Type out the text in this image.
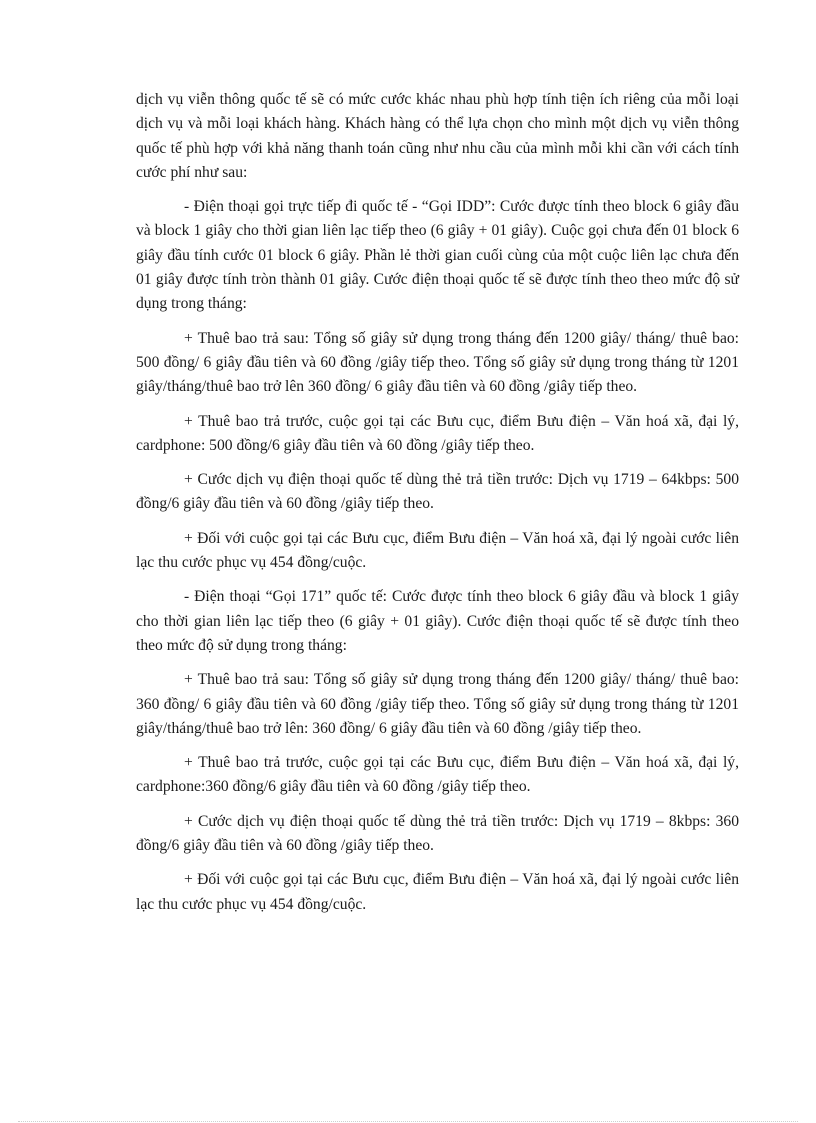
dịch vụ viễn thông quốc tế sẽ có mức cước khác nhau phù hợp tính tiện ích riêng của mỗi loại dịch vụ và mỗi loại khách hàng. Khách hàng có thể lựa chọn cho mình một dịch vụ viễn thông quốc tế phù hợp với khả năng thanh toán cũng như nhu cầu của mình mỗi khi cần với cách tính cước phí như sau:

- Điện thoại gọi trực tiếp đi quốc tế - “Gọi IDD”: Cước được tính theo block 6 giây đầu và block 1 giây cho thời gian liên lạc tiếp theo (6 giây + 01 giây). Cuộc gọi chưa đến 01 block 6 giây đầu tính cước 01 block 6 giây. Phần lẻ thời gian cuối cùng của một cuộc liên lạc chưa đến 01 giây được tính tròn thành 01 giây. Cước điện thoại quốc tế sẽ được tính theo theo mức độ sử dụng trong tháng:

+ Thuê bao trả sau: Tổng số giây sử dụng trong tháng đến 1200 giây/ tháng/ thuê bao: 500 đồng/ 6 giây đầu tiên và 60 đồng /giây tiếp theo. Tổng số giây sử dụng trong tháng từ 1201 giây/tháng/thuê bao trở lên 360 đồng/ 6 giây đầu tiên và 60 đồng /giây tiếp theo.

+ Thuê bao trả trước, cuộc gọi tại các Bưu cục, điểm Bưu điện – Văn hoá xã, đại lý, cardphone: 500 đồng/6 giây đầu tiên và 60 đồng /giây tiếp theo.

+ Cước dịch vụ điện thoại quốc tế dùng thẻ trả tiền trước: Dịch vụ 1719 – 64kbps: 500 đồng/6 giây đầu tiên và 60 đồng /giây tiếp theo.

+ Đối với cuộc gọi tại các Bưu cục, điểm Bưu điện – Văn hoá xã, đại lý ngoài cước liên lạc thu cước phục vụ 454 đồng/cuộc.

- Điện thoại “Gọi 171” quốc tế: Cước được tính theo block 6 giây đầu và block 1 giây cho thời gian liên lạc tiếp theo (6 giây + 01 giây). Cước điện thoại quốc tế sẽ được tính theo theo mức độ sử dụng trong tháng:

+ Thuê bao trả sau: Tổng số giây sử dụng trong tháng đến 1200 giây/ tháng/ thuê bao: 360 đồng/ 6 giây đầu tiên và 60 đồng /giây tiếp theo. Tổng số giây sử dụng trong tháng từ 1201 giây/tháng/thuê bao trở lên: 360 đồng/ 6 giây đầu tiên và 60 đồng /giây tiếp theo.

+ Thuê bao trả trước, cuộc gọi tại các Bưu cục, điểm Bưu điện – Văn hoá xã, đại lý, cardphone:360 đồng/6 giây đầu tiên và 60 đồng /giây tiếp theo.

+ Cước dịch vụ điện thoại quốc tế dùng thẻ trả tiền trước: Dịch vụ 1719 – 8kbps: 360 đồng/6 giây đầu tiên và 60 đồng /giây tiếp theo.

+ Đối với cuộc gọi tại các Bưu cục, điểm Bưu điện – Văn hoá xã, đại lý ngoài cước liên lạc thu cước phục vụ 454 đồng/cuộc.
